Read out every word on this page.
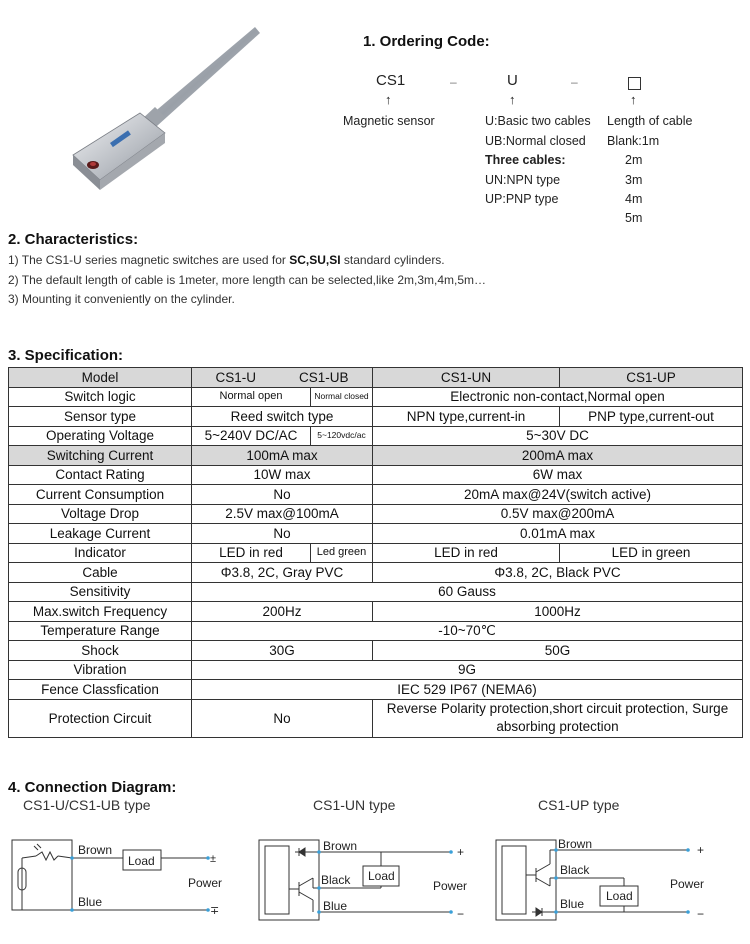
1. Ordering Code:
CS1	–	U	–
↑	↑	↑
Magnetic sensor	U:Basic two cables
UB:Normal closed
Three cables:
UN:NPN type
UP:PNP type
Length of cable
Blank:1m
2m
3m
4m
5m
2. Characteristics:
1) The CS1-U series magnetic switches are used for SC,SU,SI standard cylinders.
2) The default length of cable is 1meter, more length can be selected,like 2m,3m,4m,5m…
3) Mounting it conveniently on the cylinder.
3. Specification:
Model	CS1-U CS1-UB		CS1-UN	CS1-UP
Switch logic	Normal open	Normal closed	Electronic non-contact,Normal open	
Sensor type	Reed switch type		NPN type,current-in	PNP type,current-out
Operating Voltage	5~240V DC/AC	5~120vdc/ac	5~30V DC	
Switching Current	100mA max		200mA max	
Contact Rating	10W max		6W max	
Current Consumption	No		20mA max@24V(switch active)	
Voltage Drop	2.5V max@100mA		0.5V max@200mA	
Leakage Current	No		0.01mA max	
Indicator	LED in red	Led green	LED in red	LED in green
Cable	Φ3.8, 2C, Gray PVC		Φ3.8, 2C, Black PVC	
Sensitivity	60 Gauss			
Max.switch Frequency	200Hz		1000Hz	
Temperature Range	-10~70℃			
Shock	30G		50G	
Vibration	9G			
Fence Classfication	IEC 529 IP67 (NEMA6)			
Protection Circuit	No		Reverse Polarity protection,short circuit protection, Surge absorbing protection	
4. Connection Diagram:
CS1-U/CS1-UB type	CS1-UN type	CS1-UP type
Brown
Blue
Load
Power
±
∓
Brown
Black
Blue
Load
Power
+
−
Brown
Black
Blue
Load
Power
+
−
